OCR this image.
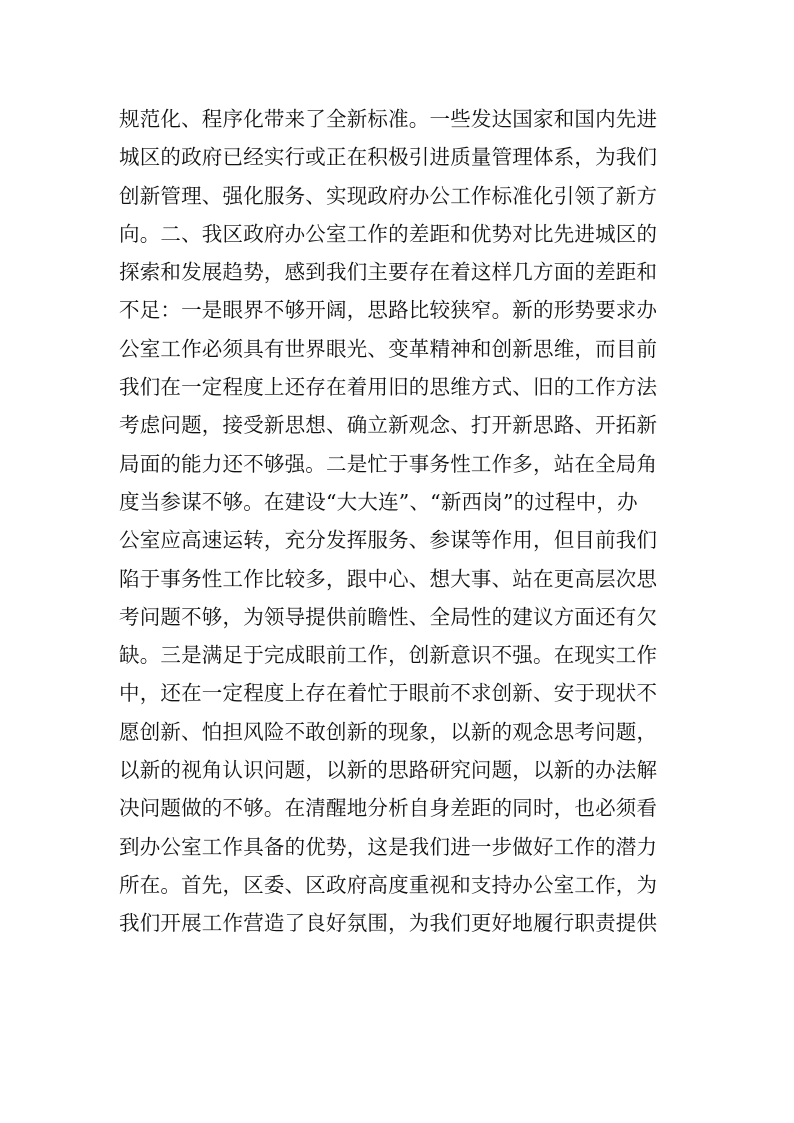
规范化、程序化带来了全新标准。一些发达国家和国内先进
城区的政府已经实行或正在积极引进质量管理体系，为我们
创新管理、强化服务、实现政府办公工作标准化引领了新方
向。二、我区政府办公室工作的差距和优势对比先进城区的
探索和发展趋势，感到我们主要存在着这样几方面的差距和
不足：一是眼界不够开阔，思路比较狭窄。新的形势要求办
公室工作必须具有世界眼光、变革精神和创新思维，而目前
我们在一定程度上还存在着用旧的思维方式、旧的工作方法
考虑问题，接受新思想、确立新观念、打开新思路、开拓新
局面的能力还不够强。二是忙于事务性工作多，站在全局角
度当参谋不够。在建设“大大连”、“新西岗”的过程中，办
公室应高速运转，充分发挥服务、参谋等作用，但目前我们
陷于事务性工作比较多，跟中心、想大事、站在更高层次思
考问题不够，为领导提供前瞻性、全局性的建议方面还有欠
缺。三是满足于完成眼前工作，创新意识不强。在现实工作
中，还在一定程度上存在着忙于眼前不求创新、安于现状不
愿创新、怕担风险不敢创新的现象，以新的观念思考问题，
以新的视角认识问题，以新的思路研究问题，以新的办法解
决问题做的不够。在清醒地分析自身差距的同时，也必须看
到办公室工作具备的优势，这是我们进一步做好工作的潜力
所在。首先，区委、区政府高度重视和支持办公室工作，为
我们开展工作营造了良好氛围，为我们更好地履行职责提供
